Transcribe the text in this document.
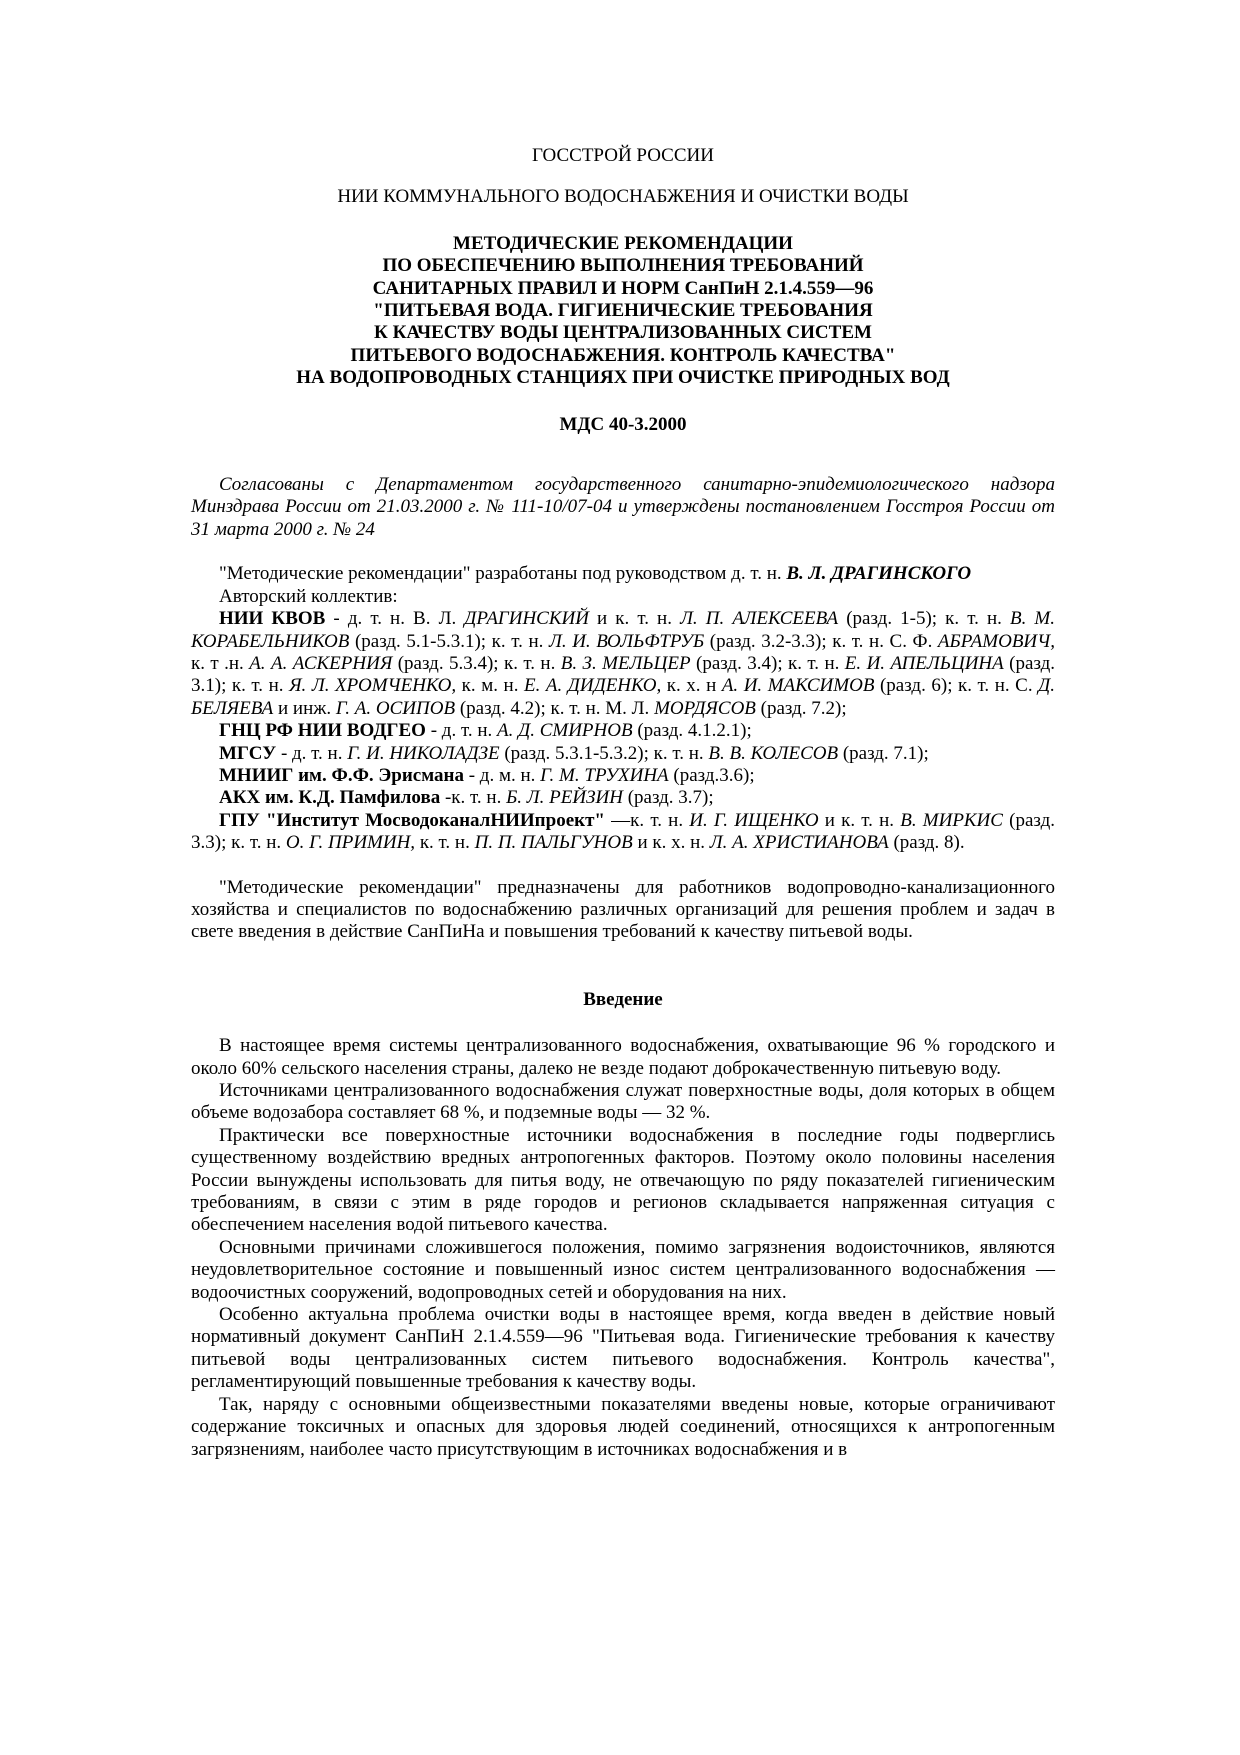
ГОССТРОЙ РОССИИ
НИИ КОММУНАЛЬНОГО ВОДОСНАБЖЕНИЯ И ОЧИСТКИ ВОДЫ
МЕТОДИЧЕСКИЕ РЕКОМЕНДАЦИИ
ПО ОБЕСПЕЧЕНИЮ ВЫПОЛНЕНИЯ ТРЕБОВАНИЙ
САНИТАРНЫХ ПРАВИЛ И НОРМ СанПиН 2.1.4.559—96
"ПИТЬЕВАЯ ВОДА. ГИГИЕНИЧЕСКИЕ ТРЕБОВАНИЯ
К КАЧЕСТВУ ВОДЫ ЦЕНТРАЛИЗОВАННЫХ СИСТЕМ
ПИТЬЕВОГО ВОДОСНАБЖЕНИЯ. КОНТРОЛЬ КАЧЕСТВА"
НА ВОДОПРОВОДНЫХ СТАНЦИЯХ ПРИ ОЧИСТКЕ ПРИРОДНЫХ ВОД
МДС 40-3.2000
Согласованы с Департаментом государственного санитарно-эпидемиологического надзора Минздрава России от 21.03.2000 г. № 111-10/07-04 и утверждены постановлением Госстроя России от 31 марта 2000 г. № 24

"Методические рекомендации" разработаны под руководством д. т. н. В. Л. ДРАГИНСКОГО

Авторский коллектив:

НИИ КВОВ - д. т. н. В. Л. ДРАГИНСКИЙ и к. т. н. Л. П. АЛЕКСЕЕВА (разд. 1-5); к. т. н. В. М. КОРАБЕЛЬНИКОВ (разд. 5.1-5.3.1); к. т. н. Л. И. ВОЛЬФТРУБ (разд. 3.2-3.3); к. т. н. С. Ф. АБРАМОВИЧ, к. т .н. А. А. АСКЕРНИЯ (разд. 5.3.4); к. т. н. В. З. МЕЛЬЦЕР (разд. 3.4); к. т. н. Е. И. АПЕЛЬЦИНА (разд. 3.1); к. т. н. Я. Л. ХРОМЧЕНКО, к. м. н. Е. А. ДИДЕНКО, к. х. н А. И. МАКСИМОВ (разд. 6); к. т. н. С. Д. БЕЛЯЕВА и инж. Г. А. ОСИПОВ (разд. 4.2); к. т. н. М. Л. МОРДЯСОВ (разд. 7.2);

ГНЦ РФ НИИ ВОДГЕО - д. т. н. А. Д. СМИРНОВ (разд. 4.1.2.1);

МГСУ - д. т. н. Г. И. НИКОЛАДЗЕ (разд. 5.3.1-5.3.2); к. т. н. В. В. КОЛЕСОВ (разд. 7.1);

МНИИГ им. Ф.Ф. Эрисмана - д. м. н. Г. М. ТРУХИНА (разд.3.6);

АКХ им. К.Д. Памфилова -к. т. н. Б. Л. РЕЙЗИН (разд. 3.7);

ГПУ "Институт МосводоканалНИИпроект" —к. т. н. И. Г. ИЩЕНКО и к. т. н. В. МИРКИС (разд. 3.3); к. т. н. О. Г. ПРИМИН, к. т. н. П. П. ПАЛЬГУНОВ и к. х. н. Л. А. ХРИСТИАНОВА (разд. 8).

"Методические рекомендации" предназначены для работников водопроводно-канализационного хозяйства и специалистов по водоснабжению различных организаций для решения проблем и задач в свете введения в действие СанПиНа и повышения требований к качеству питьевой воды.

Введение

В настоящее время системы централизованного водоснабжения, охватывающие 96 % городского и около 60% сельского населения страны, далеко не везде подают доброкачественную питьевую воду.

Источниками централизованного водоснабжения служат поверхностные воды, доля которых в общем объеме водозабора составляет 68 %, и подземные воды — 32 %.

Практически все поверхностные источники водоснабжения в последние годы подверглись существенному воздействию вредных антропогенных факторов. Поэтому около половины населения России вынуждены использовать для питья воду, не отвечающую по ряду показателей гигиеническим требованиям, в связи с этим в ряде городов и регионов складывается напряженная ситуация с обеспечением населения водой питьевого качества.

Основными причинами сложившегося положения, помимо загрязнения водоисточников, являются неудовлетворительное состояние и повышенный износ систем централизованного водоснабжения — водоочистных сооружений, водопроводных сетей и оборудования на них.

Особенно актуальна проблема очистки воды в настоящее время, когда введен в действие новый нормативный документ СанПиН 2.1.4.559—96 "Питьевая вода. Гигиенические требования к качеству питьевой воды централизованных систем питьевого водоснабжения. Контроль качества", регламентирующий повышенные требования к качеству воды.

Так, наряду с основными общеизвестными показателями введены новые, которые ограничивают содержание токсичных и опасных для здоровья людей соединений, относящихся к антропогенным загрязнениям, наиболее часто присутствующим в источниках водоснабжения и в
